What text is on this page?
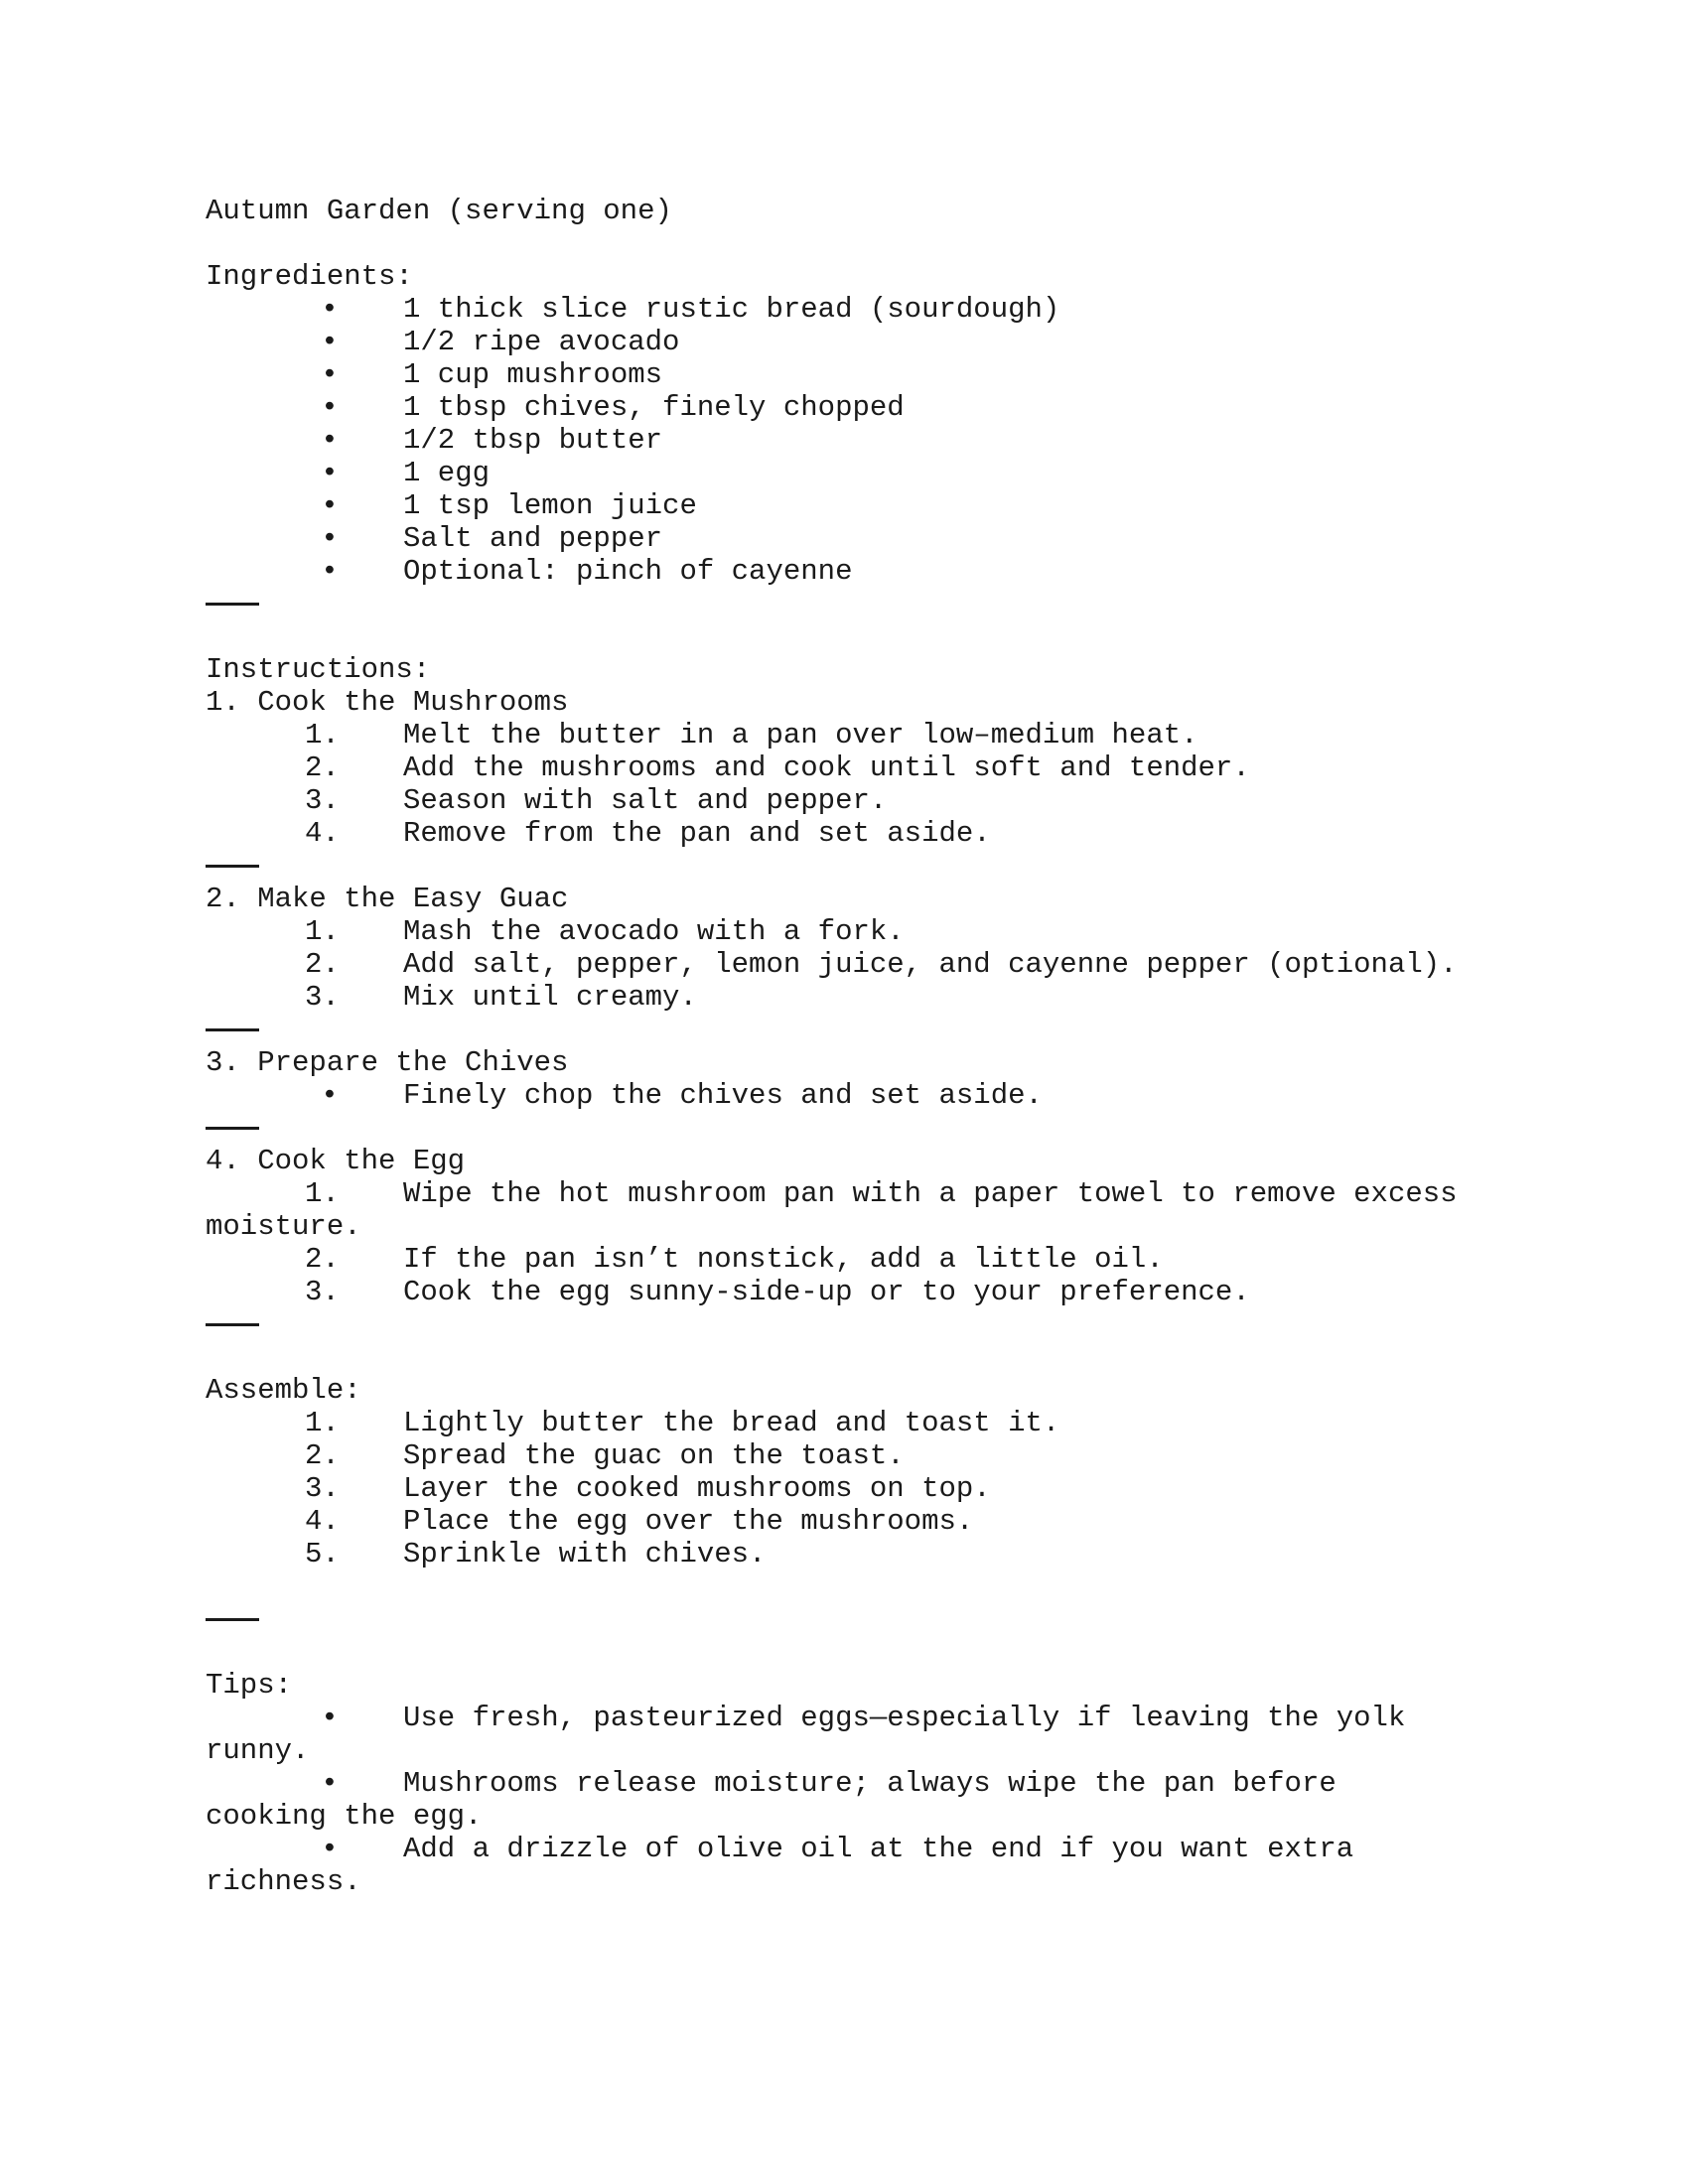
Autumn Garden (serving one)
Ingredients:
•	1 thick slice rustic bread (sourdough)
•	1/2 ripe avocado
•	1 cup mushrooms
•	1 tbsp chives, finely chopped
•	1/2 tbsp butter
•	1 egg
•	1 tsp lemon juice
•	Salt and pepper
•	Optional: pinch of cayenne
Instructions:
1. Cook the Mushrooms
1.	Melt the butter in a pan over low–medium heat.
2.	Add the mushrooms and cook until soft and tender.
3.	Season with salt and pepper.
4.	Remove from the pan and set aside.
2. Make the Easy Guac
1.	Mash the avocado with a fork.
2.	Add salt, pepper, lemon juice, and cayenne pepper (optional).
3.	Mix until creamy.
3. Prepare the Chives
•	Finely chop the chives and set aside.
4. Cook the Egg
1.	Wipe the hot mushroom pan with a paper towel to remove excess
moisture.
2.	If the pan isn’t nonstick, add a little oil.
3.	Cook the egg sunny-side-up or to your preference.
Assemble:
1.	Lightly butter the bread and toast it.
2.	Spread the guac on the toast.
3.	Layer the cooked mushrooms on top.
4.	Place the egg over the mushrooms.
5.	Sprinkle with chives.
Tips:
•	Use fresh, pasteurized eggs—especially if leaving the yolk
runny.
•	Mushrooms release moisture; always wipe the pan before
cooking the egg.
•	Add a drizzle of olive oil at the end if you want extra
richness.
